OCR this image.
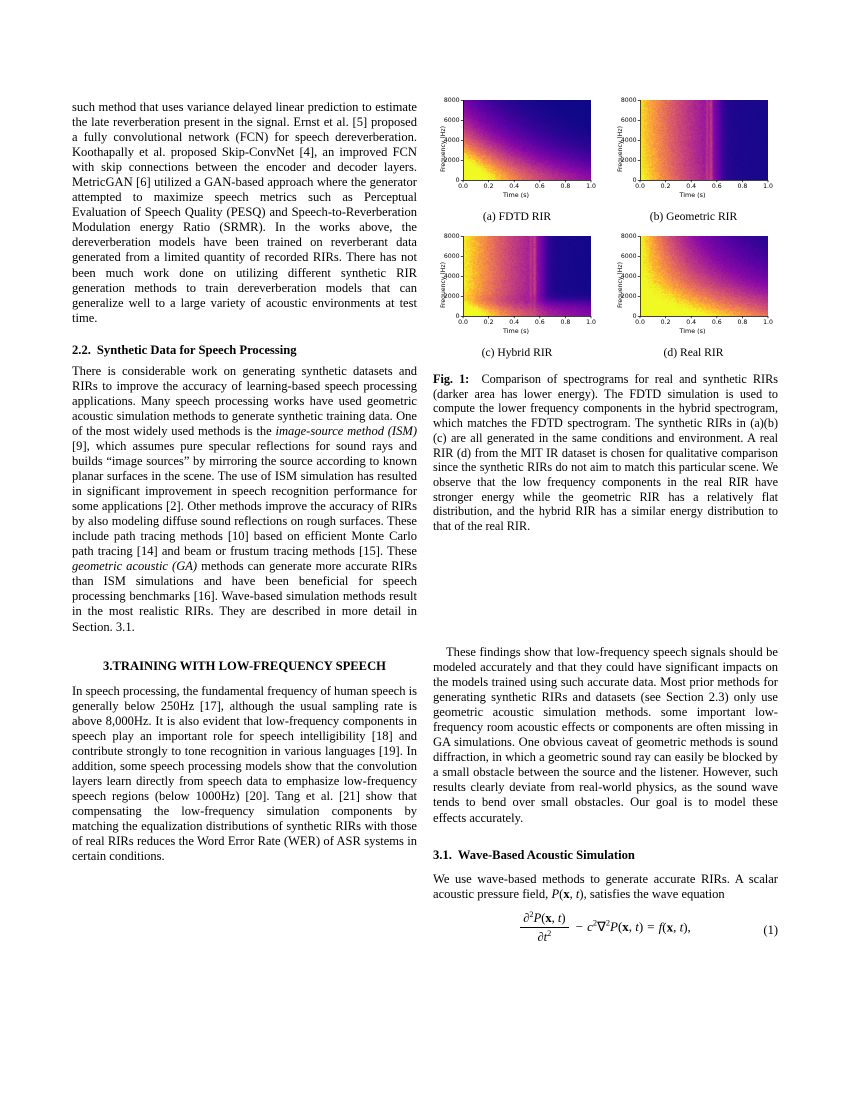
such method that uses variance delayed linear prediction to estimate the late reverberation present in the signal. Ernst et al. [5] proposed a fully convolutional network (FCN) for speech dereverberation. Koothapally et al. proposed Skip-ConvNet [4], an improved FCN with skip connections between the encoder and decoder layers. MetricGAN [6] utilized a GAN-based approach where the generator attempted to maximize speech metrics such as Perceptual Evaluation of Speech Quality (PESQ) and Speech-to-Reverberation Modulation energy Ratio (SRMR). In the works above, the dereverberation models have been trained on reverberant data generated from a limited quantity of recorded RIRs. There has not been much work done on utilizing different synthetic RIR generation methods to train dereverberation models that can generalize well to a large variety of acoustic environments at test time.

2.2. Synthetic Data for Speech Processing

There is considerable work on generating synthetic datasets and RIRs to improve the accuracy of learning-based speech processing applications. Many speech processing works have used geometric acoustic simulation methods to generate synthetic training data. One of the most widely used methods is the image-source method (ISM) [9], which assumes pure specular reflections for sound rays and builds “image sources” by mirroring the source according to known planar surfaces in the scene. The use of ISM simulation has resulted in significant improvement in speech recognition performance for some applications [2]. Other methods improve the accuracy of RIRs by also modeling diffuse sound reflections on rough surfaces. These include path tracing methods [10] based on efficient Monte Carlo path tracing [14] and beam or frustum tracing methods [15]. These geometric acoustic (GA) methods can generate more accurate RIRs than ISM simulations and have been beneficial for speech processing benchmarks [16]. Wave-based simulation methods result in the most realistic RIRs. They are described in more detail in Section. 3.1.

3.TRAINING WITH LOW-FREQUENCY SPEECH

In speech processing, the fundamental frequency of human speech is generally below 250Hz [17], although the usual sampling rate is above 8,000Hz. It is also evident that low-frequency components in speech play an important role for speech intelligibility [18] and contribute strongly to tone recognition in various languages [19]. In addition, some speech processing models show that the convolution layers learn directly from speech data to emphasize low-frequency speech regions (below 1000Hz) [20]. Tang et al. [21] show that compensating the low-frequency simulation components by matching the equalization distributions of synthetic RIRs with those of real RIRs reduces the Word Error Rate (WER) of ASR systems in certain conditions.

Frequency (Hz)
Time (s)
(a) FDTD RIR
Frequency (Hz)
Time (s)
(b) Geometric RIR
Frequency (Hz)
Time (s)
(c) Hybrid RIR
Frequency (Hz)
Time (s)
(d) Real RIR
Fig. 1: Comparison of spectrograms for real and synthetic RIRs (darker area has lower energy). The FDTD simulation is used to compute the lower frequency components in the hybrid spectrogram, which matches the FDTD spectrogram. The synthetic RIRs in (a)(b)(c) are all generated in the same conditions and environment. A real RIR (d) from the MIT IR dataset is chosen for qualitative comparison since the synthetic RIRs do not aim to match this particular scene. We observe that the low frequency components in the real RIR have stronger energy while the geometric RIR has a relatively flat distribution, and the hybrid RIR has a similar energy distribution to that of the real RIR.

These findings show that low-frequency speech signals should be modeled accurately and that they could have significant impacts on the models trained using such accurate data. Most prior methods for generating synthetic RIRs and datasets (see Section 2.3) only use geometric acoustic simulation methods. some important low-frequency room acoustic effects or components are often missing in GA simulations. One obvious caveat of geometric methods is sound diffraction, in which a geometric sound ray can easily be blocked by a small obstacle between the source and the listener. However, such results clearly deviate from real-world physics, as the sound wave tends to bend over small obstacles. Our goal is to model these effects accurately.

3.1. Wave-Based Acoustic Simulation

We use wave-based methods to generate accurate RIRs. A scalar acoustic pressure field, P(x, t), satisfies the wave equation

$\frac{\partial^2P(x, t)}{\partial t^2} - c^2\nabla^2P(x$, t) = f(x, t),	(1)
